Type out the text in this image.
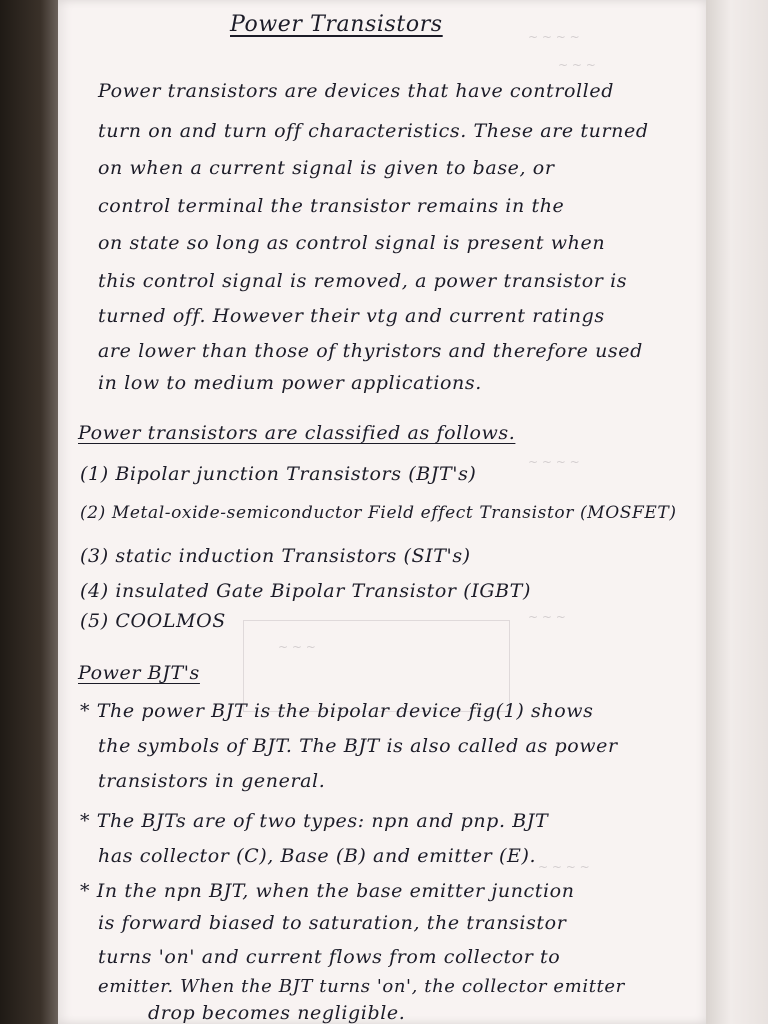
~ ~ ~ ~
~ ~ ~
~ ~ ~ ~
~ ~ ~
~ ~ ~
~ ~ ~ ~
Power Transistors
Power transistors are devices that have controlled
turn on and turn off characteristics. These are turned
on when a current signal is given to base, or
control terminal the transistor remains in the
on state so long as control signal is present when
this control signal is removed, a power transistor is
turned off. However their vtg and current ratings
are lower than those of thyristors and therefore used
in low to medium power applications.
Power transistors are classified as follows.
(1) Bipolar junction Transistors (BJT's)
(2) Metal-oxide-semiconductor Field effect Transistor (MOSFET)
(3) static induction Transistors (SIT's)
(4) insulated Gate Bipolar Transistor (IGBT)
(5) COOLMOS
Power BJT's
* The power BJT is the bipolar device fig(1) shows
the symbols of BJT. The BJT is also called as power
transistors in general.
* The BJTs are of two types: npn and pnp. BJT
has collector (C), Base (B) and emitter (E).
* In the npn BJT, when the base emitter junction
is forward biased to saturation, the transistor
turns 'on' and current flows from collector to
emitter. When the BJT turns 'on', the collector emitter
drop becomes negligible.
